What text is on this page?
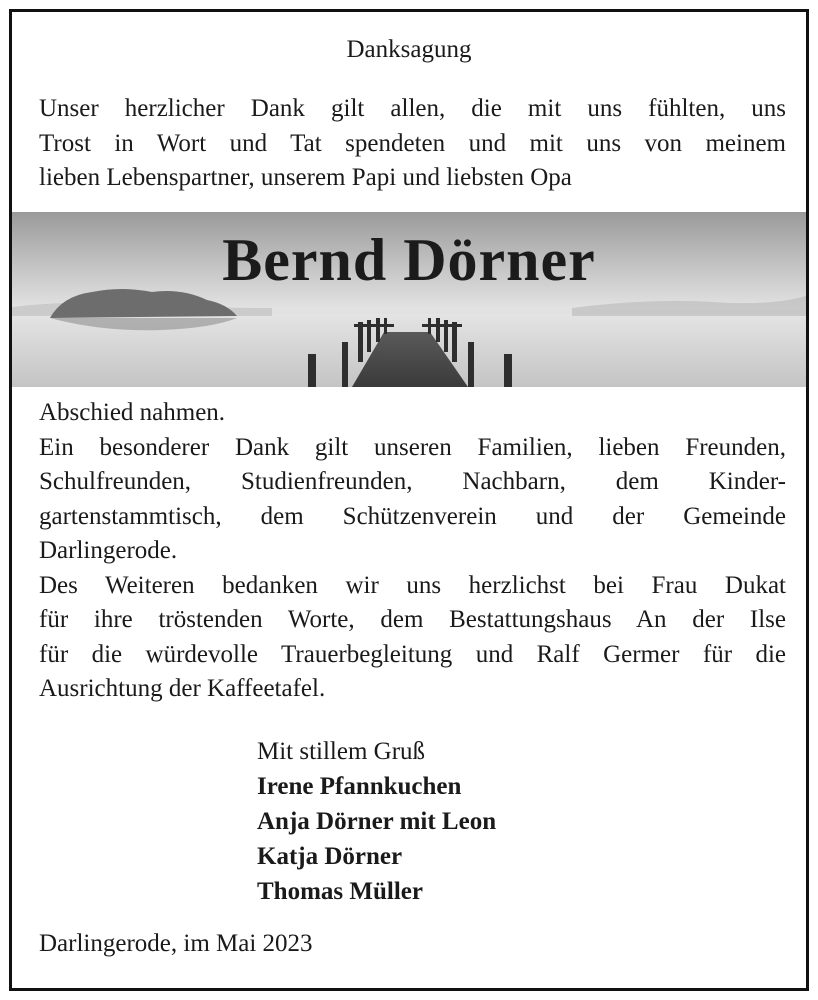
Danksagung
Unser herzlicher Dank gilt allen, die mit uns fühlten, uns
Trost in Wort und Tat spendeten und mit uns von meinem
lieben Lebenspartner, unserem Papi und liebsten Opa
Bernd Dörner
Abschied nahmen.
Ein besonderer Dank gilt unseren Familien, lieben Freunden,
Schulfreunden, Studienfreunden, Nachbarn, dem Kinder-
gartenstammtisch, dem Schützenverein und der Gemeinde
Darlingerode.
Des Weiteren bedanken wir uns herzlichst bei Frau Dukat
für ihre tröstenden Worte, dem Bestattungshaus An der Ilse
für die würdevolle Trauerbegleitung und Ralf Germer für die
Ausrichtung der Kaffeetafel.
Mit stillem Gruß
Irene Pfannkuchen
Anja Dörner mit Leon
Katja Dörner
Thomas Müller
Darlingerode, im Mai 2023
